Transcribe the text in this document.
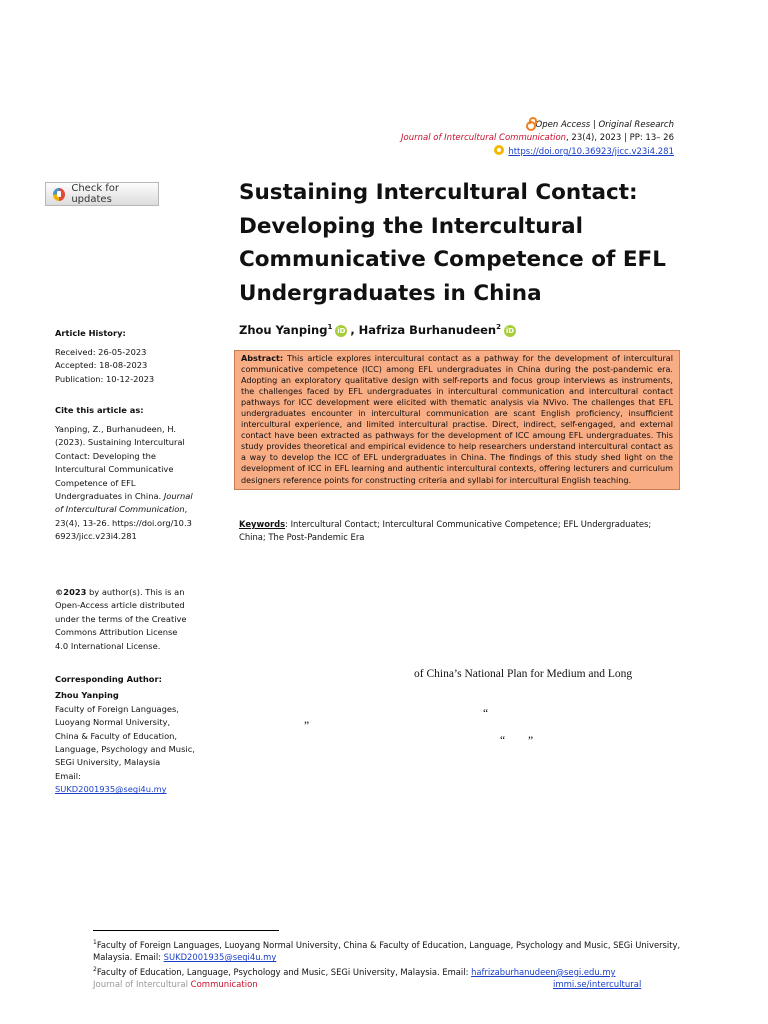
Open Access | Original Research
Journal of Intercultural Communication, 23(4), 2023 | PP: 13– 26
https://doi.org/10.36923/jicc.v23i4.281
Check for updates	Sustaining Intercultural Contact: Developing the Intercultural Communicative Competence of EFL Undergraduates in China
Zhou Yanping$^1$ iD , Hafriza Burhanudeen$^2$ iD
Abstract: This article explores intercultural contact as a pathway for the development of intercultural communicative competence (ICC) among EFL undergraduates in China during the post-pandemic era. Adopting an exploratory qualitative design with self-reports and focus group interviews as instruments, the challenges faced by EFL undergraduates in intercultural communication and intercultural contact pathways for ICC development were elicited with thematic analysis via NVivo. The challenges that EFL undergraduates encounter in intercultural communication are scant English proficiency, insufficient intercultural experience, and limited intercultural practise. Direct, indirect, self-engaged, and external contact have been extracted as pathways for the development of ICC amoung EFL undergraduates. This study provides theoretical and empirical evidence to help researchers understand intercultural contact as a way to develop the ICC of EFL undergraduates in China. The findings of this study shed light on the development of ICC in EFL learning and authentic intercultural contexts, offering lecturers and curriculum designers reference points for constructing criteria and syllabi for intercultural English teaching.
Keywords: Intercultural Contact; Intercultural Communicative Competence; EFL Undergraduates; China; The Post-Pandemic Era
Article History:
Received: 26-05-2023
Accepted: 18-08-2023
Publication: 10-12-2023
Cite this article as:
Yanping, Z., Burhanudeen, H. (2023). Sustaining Intercultural Contact: Developing the Intercultural Communicative Competence of EFL Undergraduates in China. Journal of Intercultural Communication, 23(4), 13-26. https://doi.org/10.36923/jicc.v23i4.281
©2023 by author(s). This is an Open-Access article distributed under the terms of the Creative Commons Attribution License 4.0 International License.
Corresponding Author:
Zhou Yanping
Faculty of Foreign Languages, Luoyang Normal University, China & Faculty of Education, Language, Psychology and Music, SEGi University, Malaysia
Email:
SUKD2001935@segi4u.my
of China’s National Plan for Medium and Long
“
”
“ ”
$^1$Faculty of Foreign Languages, Luoyang Normal University, China & Faculty of Education, Language, Psychology and Music, SEGi University, Malaysia. Email: SUKD2001935@segi4u.my
$^2$Faculty of Education, Language, Psychology and Music, SEGi University, Malaysia. Email: hafrizaburhanudeen@segi.edu.my
Journal of Intercultural Communication	immi.se/intercultural
